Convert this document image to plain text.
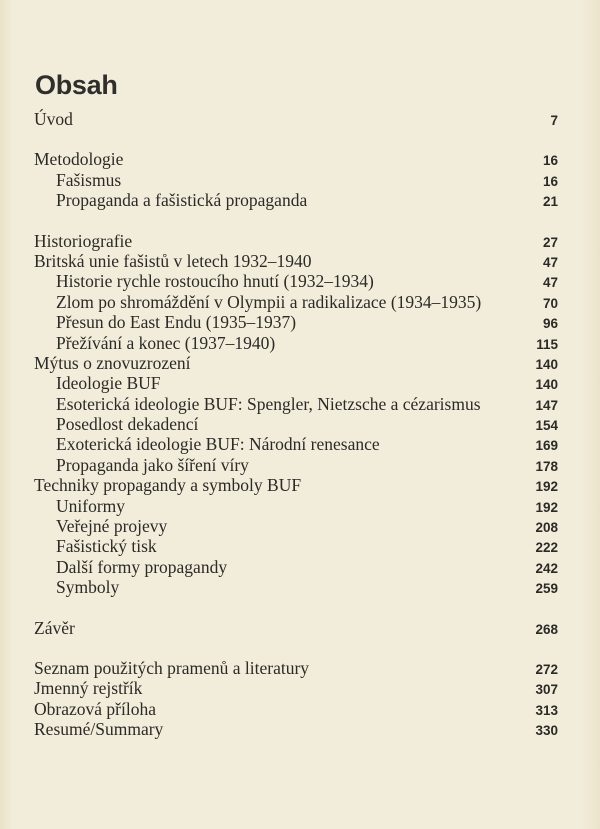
Obsah
Úvod	7
Metodologie	16
Fašismus	16
Propaganda a fašistická propaganda	21
Historiografie	27
Britská unie fašistů v letech 1932–1940	47
Historie rychle rostoucího hnutí (1932–1934)	47
Zlom po shromáždění v Olympii a radikalizace (1934–1935)	70
Přesun do East Endu (1935–1937)	96
Přežívání a konec (1937–1940)	115
Mýtus o znovuzrození	140
Ideologie BUF	140
Esoterická ideologie BUF: Spengler, Nietzsche a cézarismus	147
Posedlost dekadencí	154
Exoterická ideologie BUF: Národní renesance	169
Propaganda jako šíření víry	178
Techniky propagandy a symboly BUF	192
Uniformy	192
Veřejné projevy	208
Fašistický tisk	222
Další formy propagandy	242
Symboly	259
Závěr	268
Seznam použitých pramenů a literatury	272
Jmenný rejstřík	307
Obrazová příloha	313
Resumé/Summary	330
